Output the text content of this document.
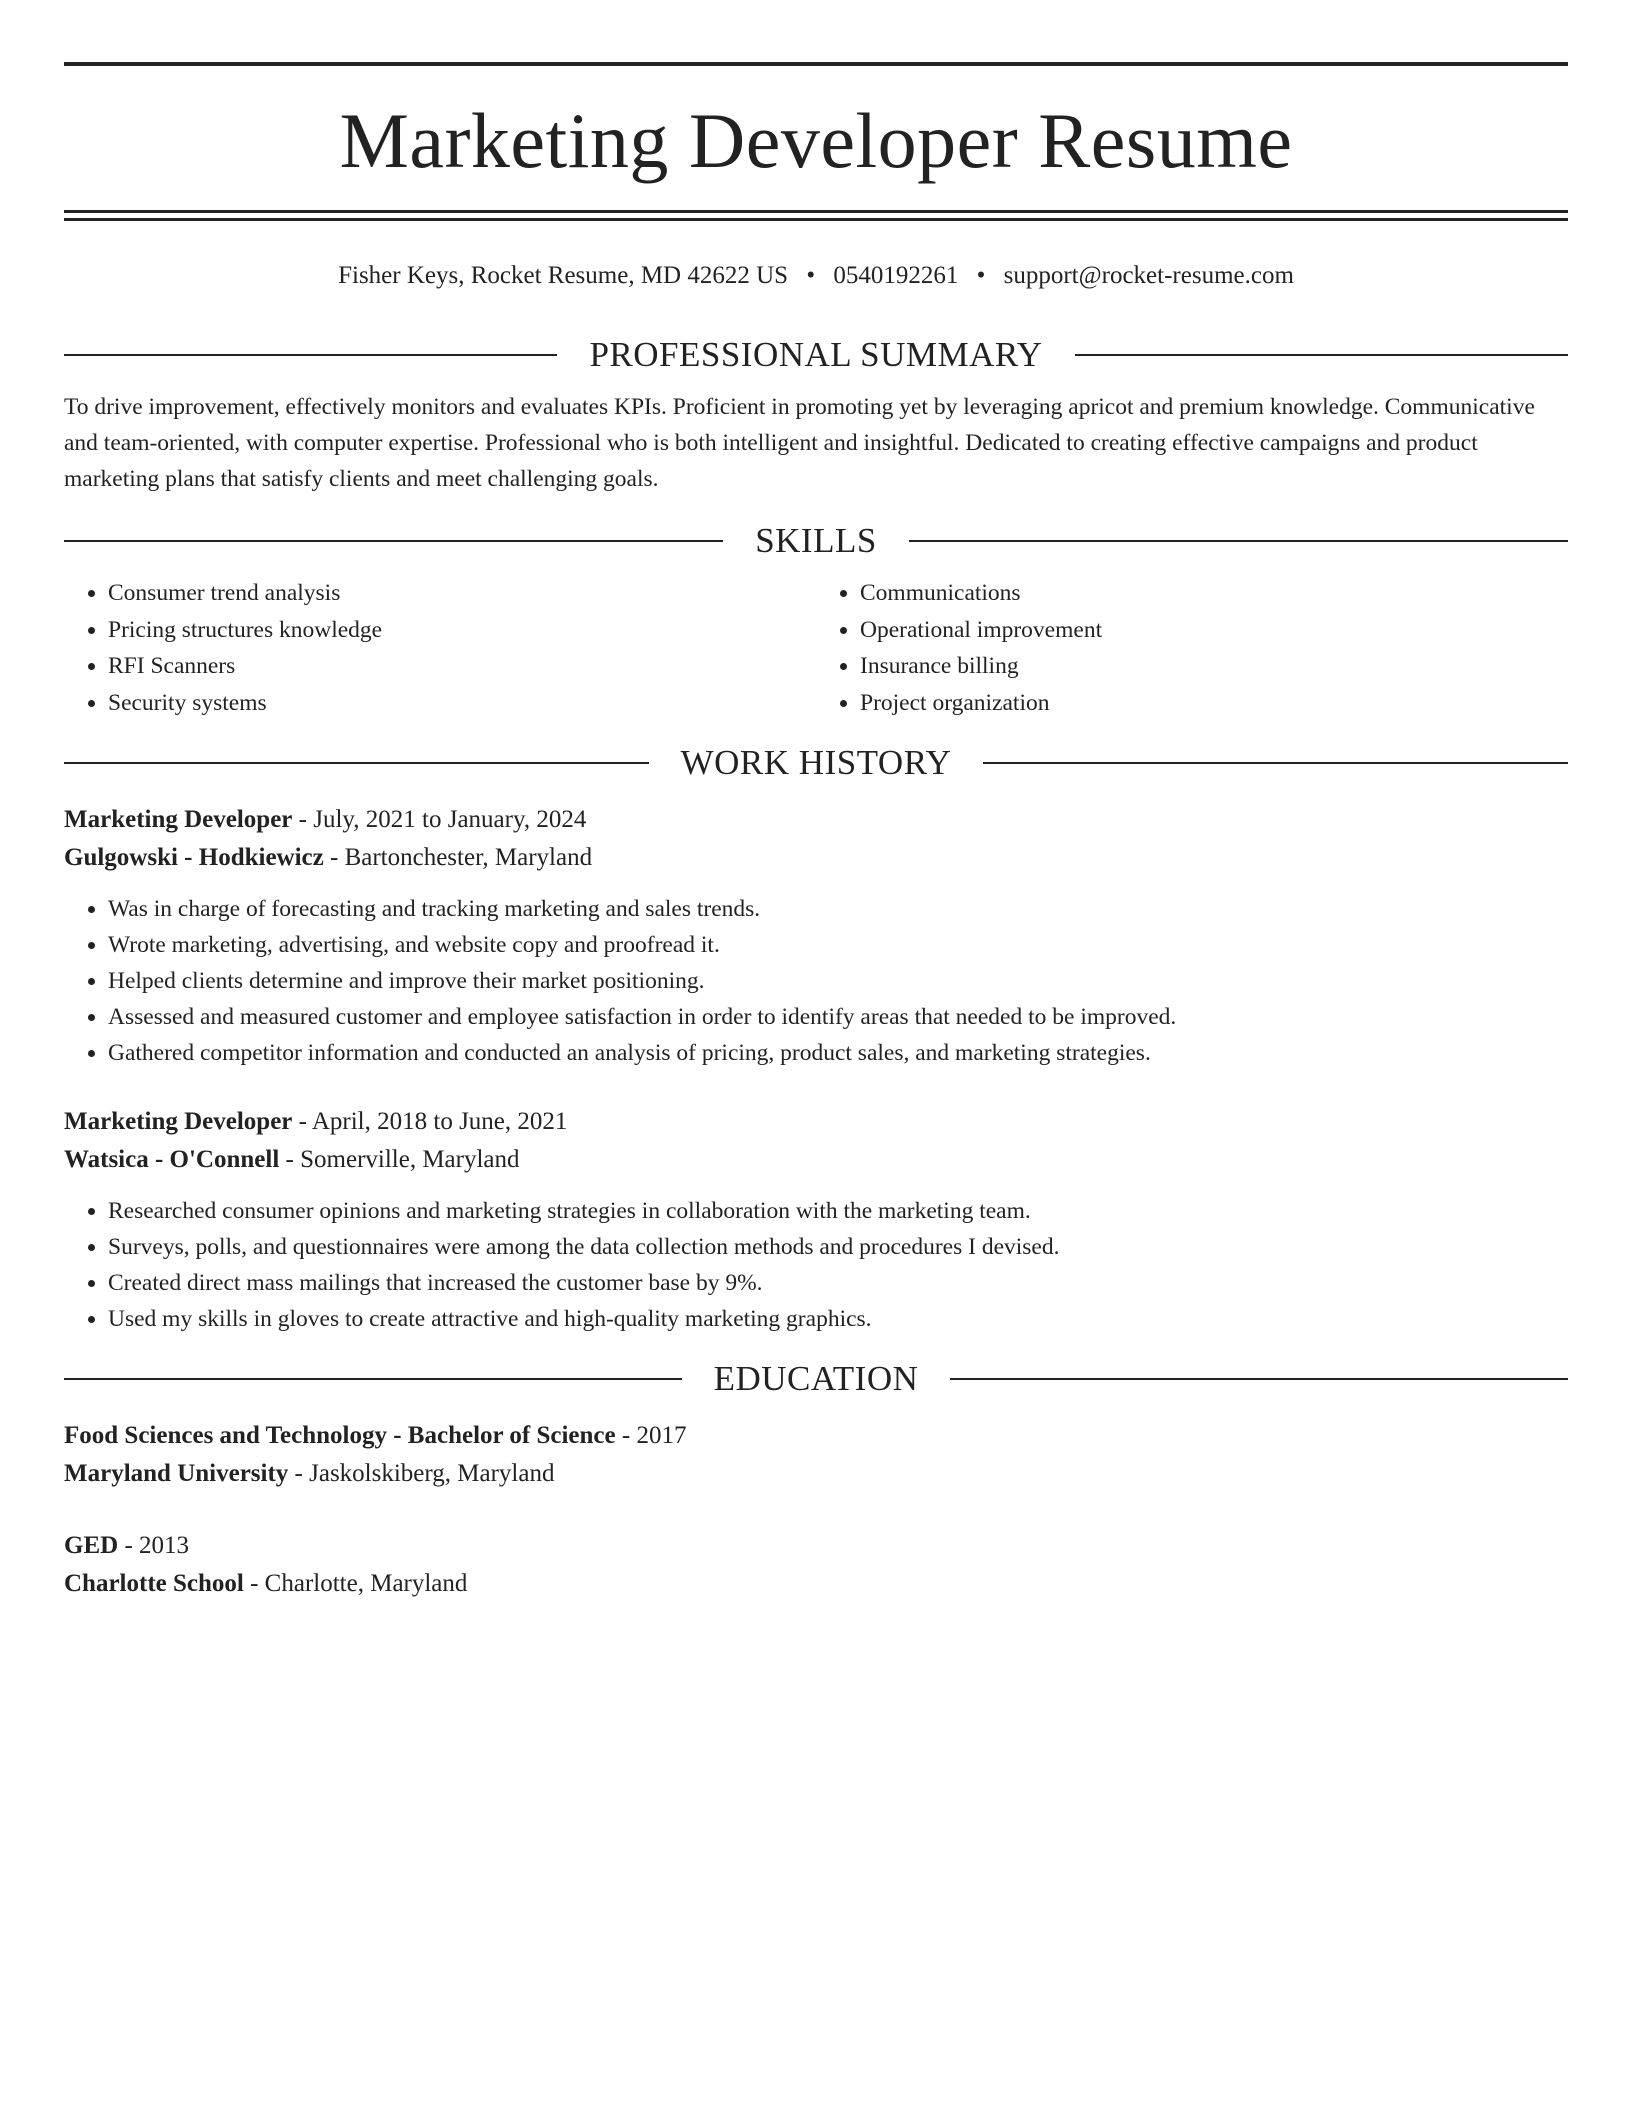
Marketing Developer Resume
Fisher Keys, Rocket Resume, MD 42622 US • 0540192261 • support@rocket-resume.com
PROFESSIONAL SUMMARY

To drive improvement, effectively monitors and evaluates KPIs. Proficient in promoting yet by leveraging apricot and premium knowledge. Communicative and team-oriented, with computer expertise. Professional who is both intelligent and insightful. Dedicated to creating effective campaigns and product marketing plans that satisfy clients and meet challenging goals.

SKILLS
• Consumer trend analysis
• Pricing structures knowledge
• RFI Scanners
• Security systems
• Communications
• Operational improvement
• Insurance billing
• Project organization
WORK HISTORY
Marketing Developer - July, 2021 to January, 2024
Gulgowski - Hodkiewicz - Bartonchester, Maryland
• Was in charge of forecasting and tracking marketing and sales trends.
• Wrote marketing, advertising, and website copy and proofread it.
• Helped clients determine and improve their market positioning.
• Assessed and measured customer and employee satisfaction in order to identify areas that needed to be improved.
• Gathered competitor information and conducted an analysis of pricing, product sales, and marketing strategies.
Marketing Developer - April, 2018 to June, 2021
Watsica - O'Connell - Somerville, Maryland
• Researched consumer opinions and marketing strategies in collaboration with the marketing team.
• Surveys, polls, and questionnaires were among the data collection methods and procedures I devised.
• Created direct mass mailings that increased the customer base by 9%.
• Used my skills in gloves to create attractive and high-quality marketing graphics.
EDUCATION
Food Sciences and Technology - Bachelor of Science - 2017
Maryland University - Jaskolskiberg, Maryland
GED - 2013
Charlotte School - Charlotte, Maryland
